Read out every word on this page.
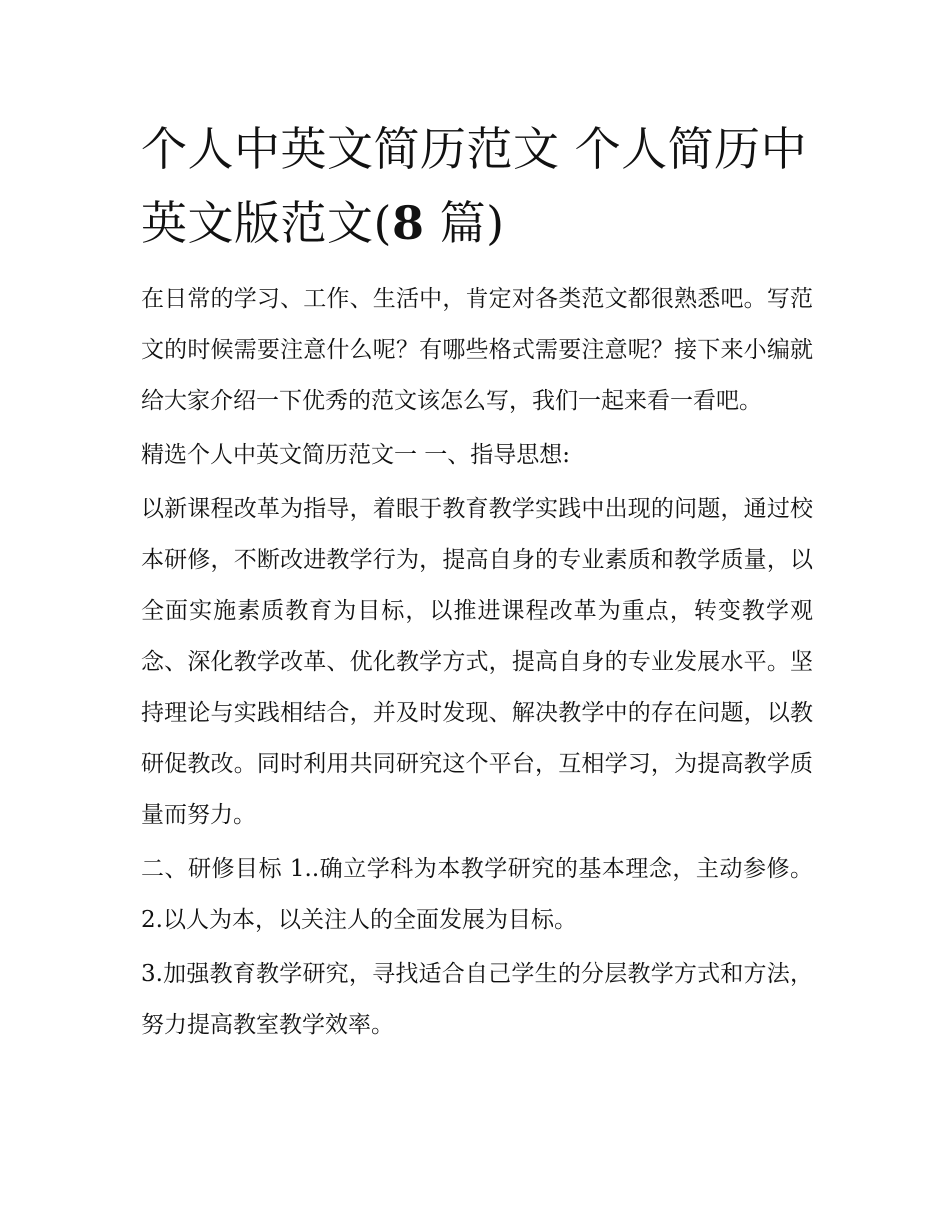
个人中英文简历范文 个人简历中英文版范文(8 篇)

在日常的学习、工作、生活中，肯定对各类范文都很熟悉吧。写范文的时候需要注意什么呢？有哪些格式需要注意呢？接下来小编就给大家介绍一下优秀的范文该怎么写，我们一起来看一看吧。

精选个人中英文简历范文一 一、指导思想:

以新课程改革为指导，着眼于教育教学实践中出现的问题，通过校本研修，不断改进教学行为，提高自身的专业素质和教学质量，以全面实施素质教育为目标，以推进课程改革为重点，转变教学观念、深化教学改革、优化教学方式，提高自身的专业发展水平。坚持理论与实践相结合，并及时发现、解决教学中的存在问题，以教研促教改。同时利用共同研究这个平台，互相学习，为提高教学质量而努力。

二、研修目标 1..确立学科为本教学研究的基本理念，主动参修。 2.以人为本，以关注人的全面发展为目标。

3.加强教育教学研究，寻找适合自己学生的分层教学方式和方法，努力提高教室教学效率。
